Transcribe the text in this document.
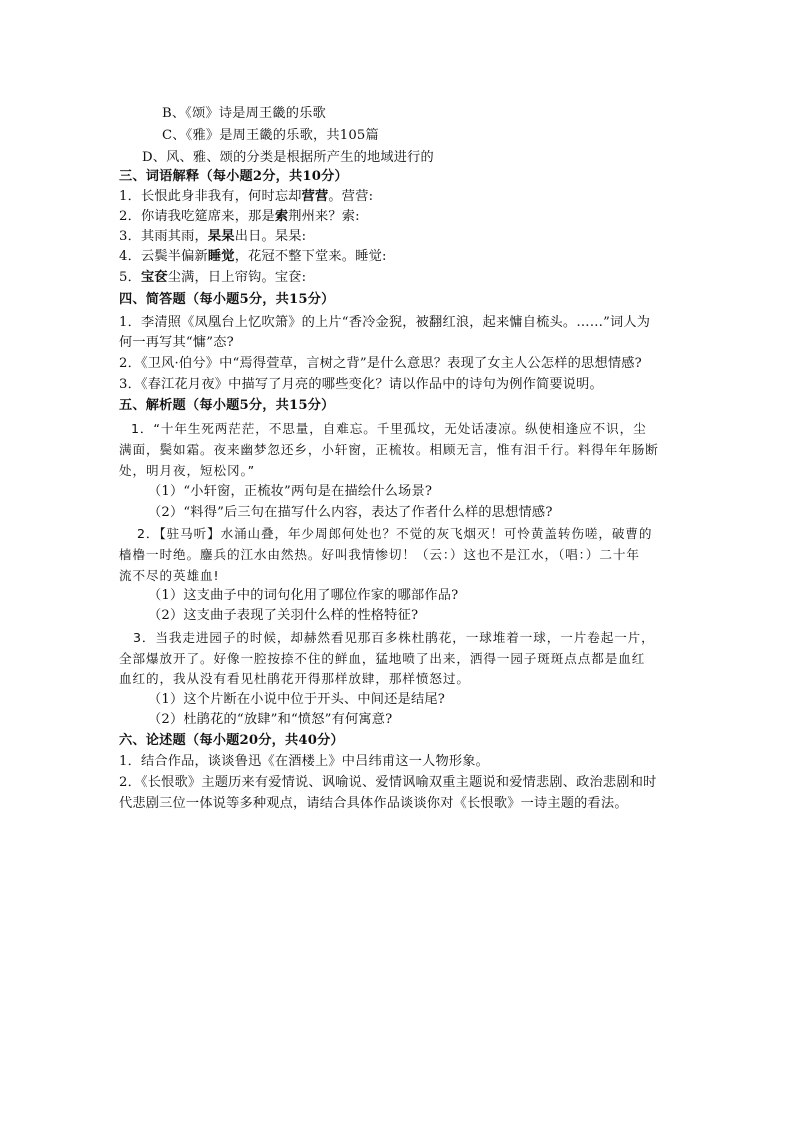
B、《颂》诗是周王畿的乐歌
C、《雅》是周王畿的乐歌，共105篇
D、风、雅、颂的分类是根据所产生的地域进行的
三、词语解释（每小题2分，共10分）
1．长恨此身非我有，何时忘却营营。营营:
2．你请我吃筵席来，那是索荆州来？索:
3．其雨其雨，杲杲出日。杲杲:
4．云鬓半偏新睡觉，花冠不整下堂来。睡觉:
5．宝奁尘满，日上帘钩。宝奁:
四、简答题（每小题5分，共15分）
1．李清照《凤凰台上忆吹箫》的上片“香冷金猊，被翻红浪，起来慵自梳头。……”词人为
何一再写其“慵”态?
2．《卫风·伯兮》中“焉得萱草，言树之背”是什么意思？表现了女主人公怎样的思想情感?
3．《春江花月夜》中描写了月亮的哪些变化？请以作品中的诗句为例作简要说明。
五、解析题（每小题5分，共15分）
1．“十年生死两茫茫，不思量，自难忘。千里孤坟，无处话凄凉。纵使相逢应不识，尘
满面，鬓如霜。夜来幽梦忽还乡，小轩窗，正梳妆。相顾无言，惟有泪千行。料得年年肠断
处，明月夜，短松冈。”
（1）“小轩窗，正梳妆”两句是在描绘什么场景?
（2）“料得”后三句在描写什么内容，表达了作者什么样的思想情感?
2．【驻马听】水涌山叠，年少周郎何处也？不觉的灰飞烟灭！可怜黄盖转伤嗟，破曹的
樯橹一时绝。鏖兵的江水由然热。好叫我情惨切！（云：）这也不是江水，（唱：）二十年
流不尽的英雄血!
（1）这支曲子中的词句化用了哪位作家的哪部作品?
（2）这支曲子表现了关羽什么样的性格特征?
3．当我走进园子的时候，却赫然看见那百多株杜鹃花，一球堆着一球，一片卷起一片，
全部爆放开了。好像一腔按捺不住的鲜血，猛地喷了出来，洒得一园子斑斑点点都是血红
血红的，我从没有看见杜鹃花开得那样放肆，那样愤怒过。
（1）这个片断在小说中位于开头、中间还是结尾?
（2）杜鹃花的“放肆”和“愤怒”有何寓意?
六、论述题（每小题20分，共40分）
1．结合作品，谈谈鲁迅《在酒楼上》中吕纬甫这一人物形象。
2．《长恨歌》主题历来有爱情说、讽喻说、爱情讽喻双重主题说和爱情悲剧、政治悲剧和时
代悲剧三位一体说等多种观点，请结合具体作品谈谈你对《长恨歌》一诗主题的看法。
